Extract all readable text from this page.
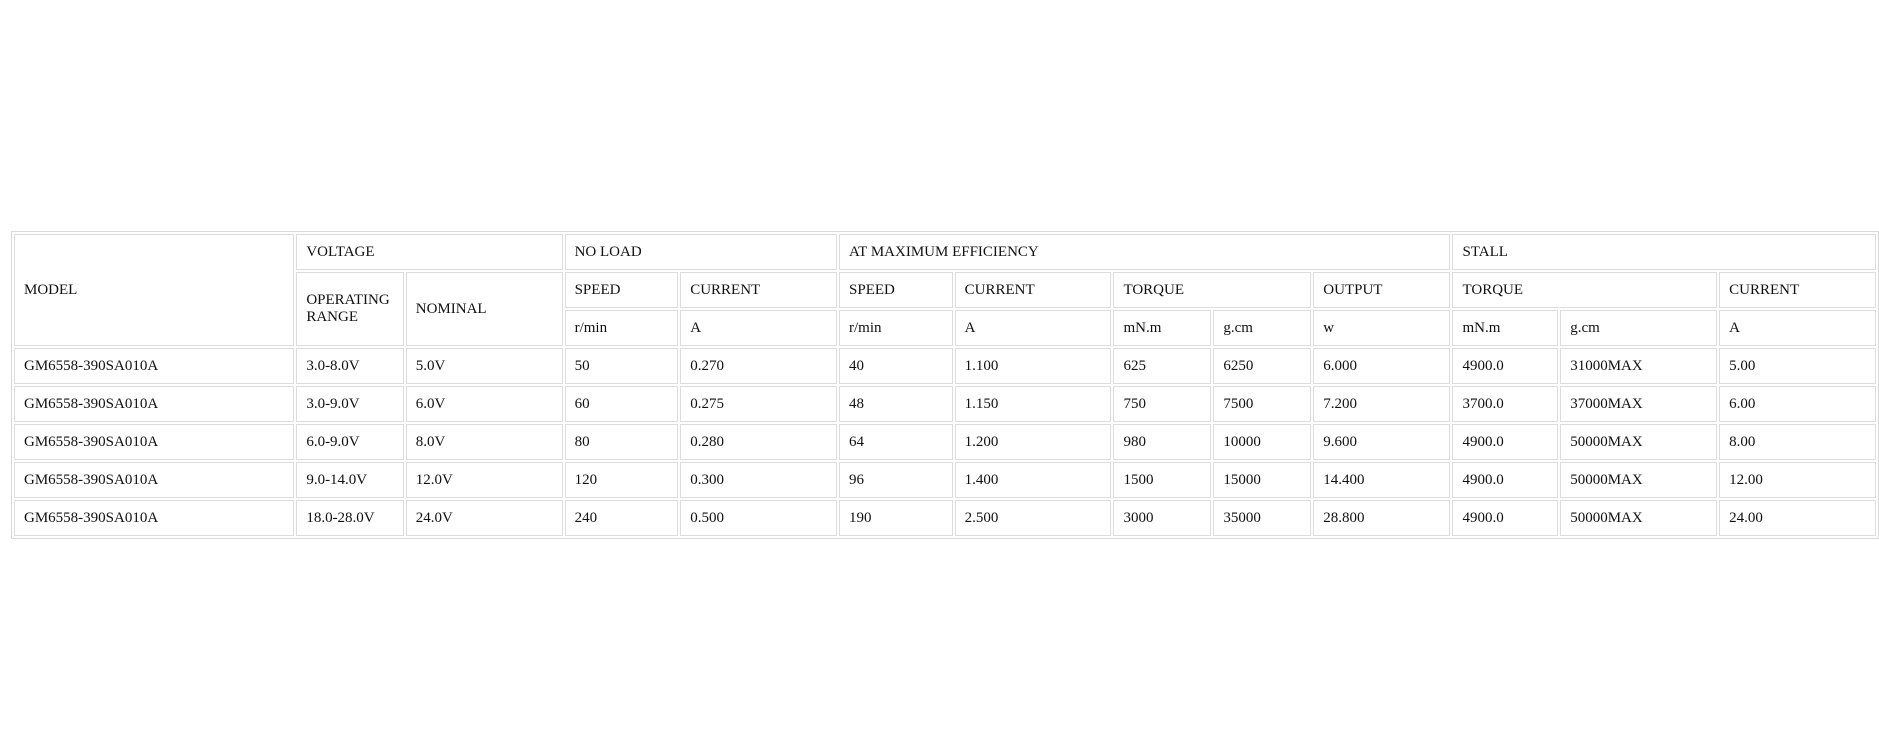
MODEL	VOLTAGE		NO LOAD		AT MAXIMUM EFFICIENCY					STALL		
	OPERATING RANGE	NOMINAL	SPEED	CURRENT	SPEED	CURRENT	TORQUE		OUTPUT	TORQUE		CURRENT
			r/min	A	r/min	A	mN.m	g.cm	w	mN.m	g.cm	A
GM6558-390SA010A	3.0-8.0V	5.0V	50	0.270	40	1.100	625	6250	6.000	4900.0	31000MAX	5.00
GM6558-390SA010A	3.0-9.0V	6.0V	60	0.275	48	1.150	750	7500	7.200	3700.0	37000MAX	6.00
GM6558-390SA010A	6.0-9.0V	8.0V	80	0.280	64	1.200	980	10000	9.600	4900.0	50000MAX	8.00
GM6558-390SA010A	9.0-14.0V	12.0V	120	0.300	96	1.400	1500	15000	14.400	4900.0	50000MAX	12.00
GM6558-390SA010A	18.0-28.0V	24.0V	240	0.500	190	2.500	3000	35000	28.800	4900.0	50000MAX	24.00
